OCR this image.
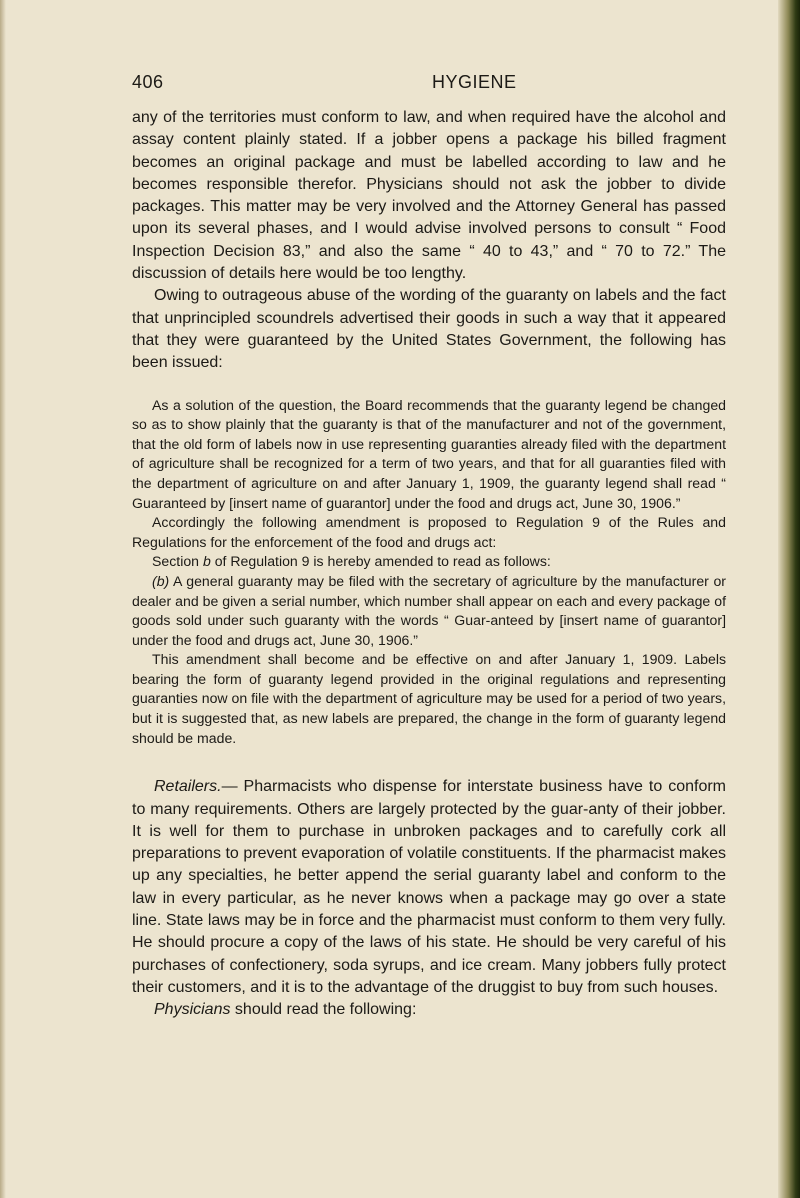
406	HYGIENE

any of the territories must conform to law, and when required have the alcohol and assay content plainly stated. If a jobber opens a package his billed fragment becomes an original package and must be labelled according to law and he becomes responsible therefor. Physicians should not ask the jobber to divide packages. This matter may be very involved and the Attorney General has passed upon its several phases, and I would advise involved persons to consult “ Food Inspection Decision 83,” and also the same “ 40 to 43,” and “ 70 to 72.” The discussion of details here would be too lengthy.

Owing to outrageous abuse of the wording of the guaranty on labels and the fact that unprincipled scoundrels advertised their goods in such a way that it appeared that they were guaranteed by the United States Government, the following has been issued:

As a solution of the question, the Board recommends that the guaranty legend be changed so as to show plainly that the guaranty is that of the manufacturer and not of the government, that the old form of labels now in use representing guaranties already filed with the department of agriculture shall be recognized for a term of two years, and that for all guaranties filed with the department of agriculture on and after January 1, 1909, the guaranty legend shall read “ Guaranteed by [insert name of guarantor] under the food and drugs act, June 30, 1906.”

Accordingly the following amendment is proposed to Regulation 9 of the Rules and Regulations for the enforcement of the food and drugs act:

Section b of Regulation 9 is hereby amended to read as follows:

(b) A general guaranty may be filed with the secretary of agriculture by the manufacturer or dealer and be given a serial number, which number shall appear on each and every package of goods sold under such guaranty with the words “ Guar-anteed by [insert name of guarantor] under the food and drugs act, June 30, 1906.”

This amendment shall become and be effective on and after January 1, 1909. Labels bearing the form of guaranty legend provided in the original regulations and representing guaranties now on file with the department of agriculture may be used for a period of two years, but it is suggested that, as new labels are prepared, the change in the form of guaranty legend should be made.

Retailers.— Pharmacists who dispense for interstate business have to conform to many requirements. Others are largely protected by the guar-anty of their jobber. It is well for them to purchase in unbroken packages and to carefully cork all preparations to prevent evaporation of volatile constituents. If the pharmacist makes up any specialties, he better append the serial guaranty label and conform to the law in every particular, as he never knows when a package may go over a state line. State laws may be in force and the pharmacist must conform to them very fully. He should procure a copy of the laws of his state. He should be very careful of his purchases of confectionery, soda syrups, and ice cream. Many jobbers fully protect their customers, and it is to the advantage of the druggist to buy from such houses.

Physicians should read the following:
